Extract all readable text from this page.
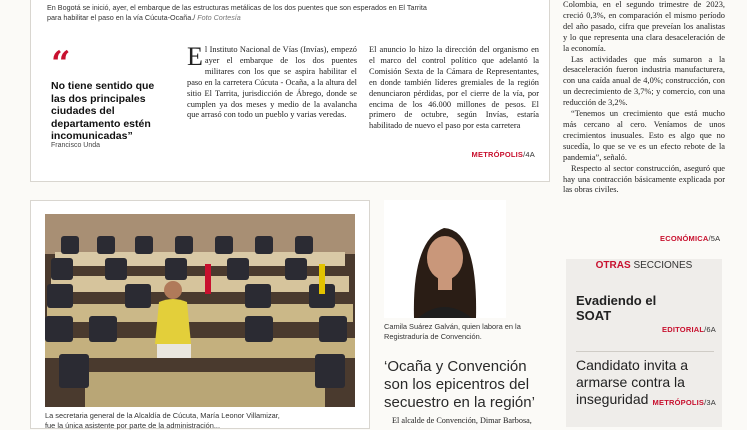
En Bogotá se inició, ayer, el embarque de las estructuras metálicas de los dos puentes que son esperados en El Tarrita para habilitar el paso en la vía Cúcuta-Ocaña./ Foto Cortesía
“
No tiene sentido que las dos principales ciudades del departamento estén incomunicadas”
Francisco Unda
El Instituto Nacional de Vías (Invías), empezó ayer el embarque de los dos puentes militares con los que se aspira habilitar el paso en la carretera Cúcuta - Ocaña, a la altura del sitio El Tarrita, jurisdicción de Ábrego, donde se cumplen ya dos meses y medio de la avalancha que arrasó con todo un pueblo y varias veredas.
El anuncio lo hizo la dirección del organismo en el marco del control político que adelantó la Comisión Sexta de la Cámara de Representantes, en donde también líderes gremiales de la región denunciaron pérdidas, por el cierre de la vía, por encima de los 46.000 millones de pesos. El primero de octubre, según Invías, estaría habilitado de nuevo el paso por esta carretera
METRÓPOLIS/4A
Colombia, en el segundo trimestre de 2023, creció 0,3%, en comparación el mismo período del año pasado, cifra que preveían los analistas y lo que representa una clara desaceleración de la economía.
Las actividades que más sumaron a la desaceleración fueron industria manufacturera, con una caída anual de 4,0%; construcción, con un decrecimiento de 3,7%; y comercio, con una reducción de 3,2%.
“Tenemos un crecimiento que está mucho más cercano al cero. Veníamos de unos crecimientos inusuales. Esto es algo que no sucedía, lo que se ve es un efecto rebote de la pandemia”, señaló.
Respecto al sector construcción, aseguró que hay una contracción básicamente explicada por las obras civiles.
ECONÓMICA/5A
La secretaria general de la Alcaldía de Cúcuta, María Leonor Villamizar,
fue la única asistente por parte de la administración...
Camila Suárez Galván, quien labora en la Registraduría de Convención.
‘Ocaña y Convención son los epicentros del secuestro en la región’
El alcalde de Convención, Dimar Barbosa,
OTRAS SECCIONES
Evadiendo el SOAT
EDITORIAL/6A
Candidato invita a armarse contra la inseguridad METRÓPOLIS/3A
